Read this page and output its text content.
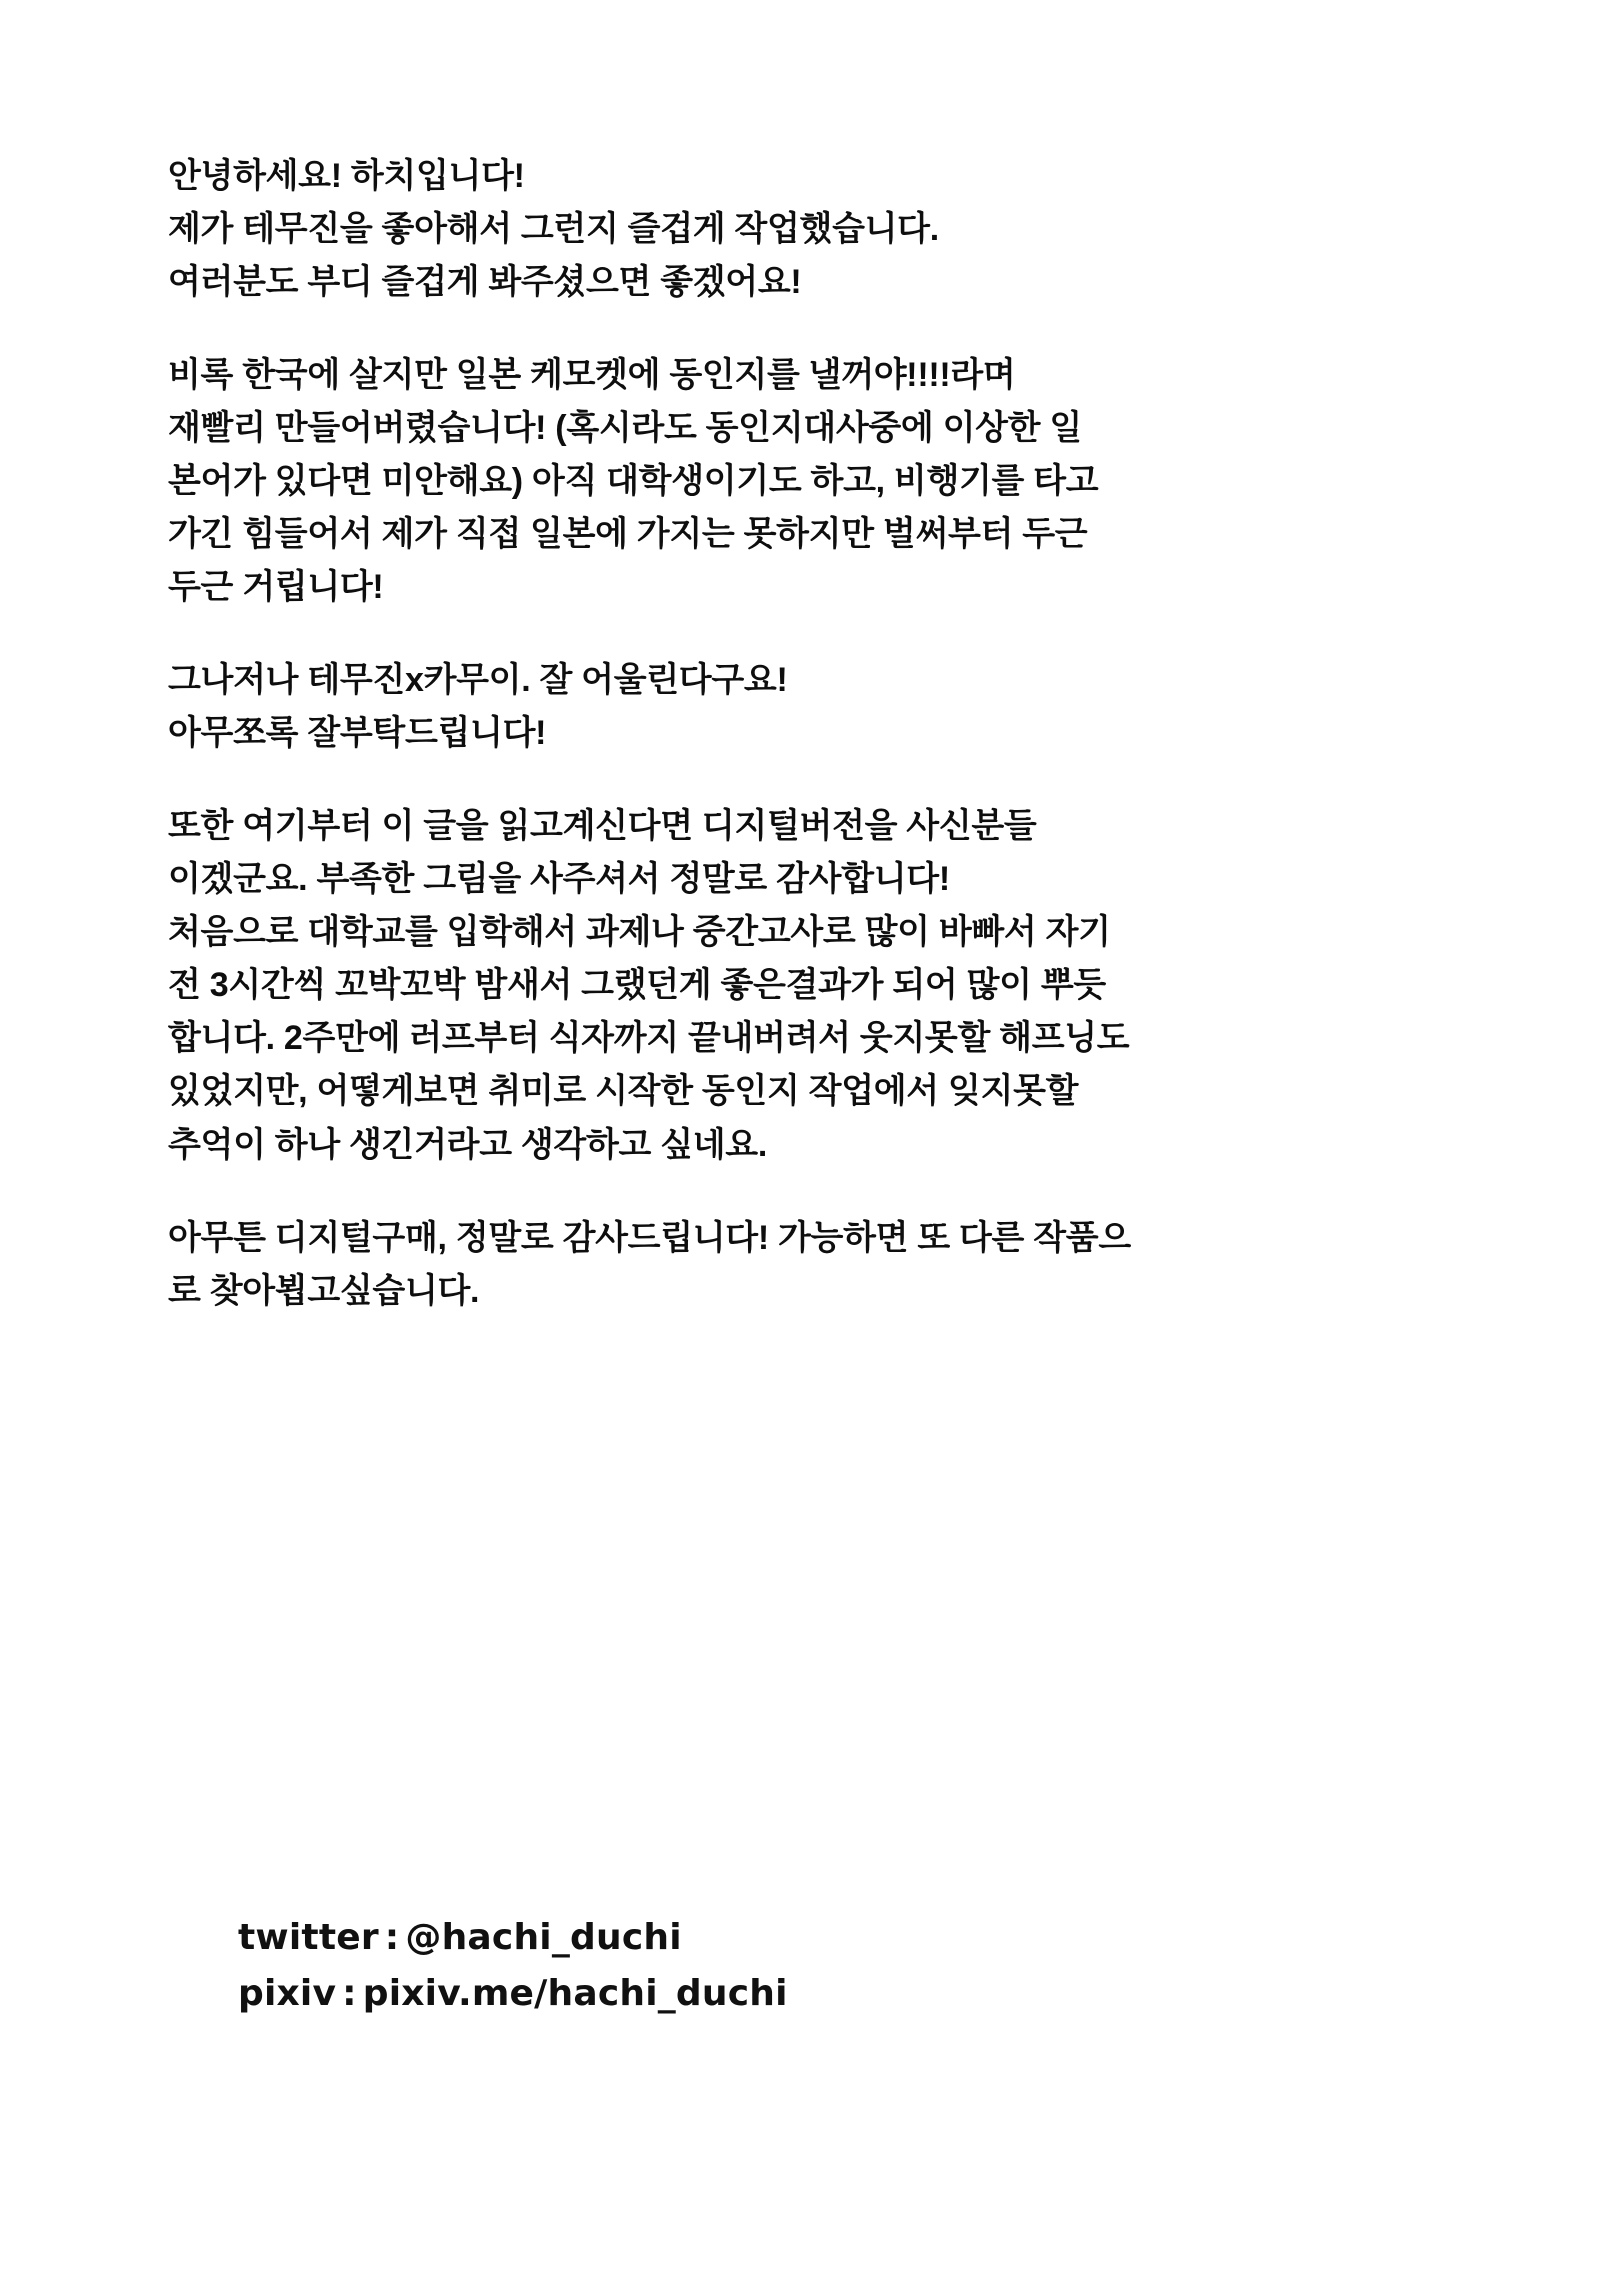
안녕하세요! 하치입니다!
제가 테무진을 좋아해서 그런지 즐겁게 작업했습니다.
여러분도 부디 즐겁게 봐주셨으면 좋겠어요!

비록 한국에 살지만 일본 케모켓에 동인지를 낼꺼야!!!!라며
재빨리 만들어버렸습니다! (혹시라도 동인지대사중에 이상한 일
본어가 있다면 미안해요) 아직 대학생이기도 하고, 비행기를 타고
가긴 힘들어서 제가 직접 일본에 가지는 못하지만 벌써부터 두근
두근 거립니다!

그나저나 테무진x카무이. 잘 어울린다구요!
아무쪼록 잘부탁드립니다!

또한 여기부터 이 글을 읽고계신다면 디지털버전을 사신분들
이겠군요. 부족한 그림을 사주셔서 정말로 감사합니다!
처음으로 대학교를 입학해서 과제나 중간고사로 많이 바빠서 자기
전 3시간씩 꼬박꼬박 밤새서 그랬던게 좋은결과가 되어 많이 뿌듯
합니다. 2주만에 러프부터 식자까지 끝내버려서 웃지못할 해프닝도
있었지만, 어떻게보면 취미로 시작한 동인지 작업에서 잊지못할
추억이 하나 생긴거라고 생각하고 싶네요.

아무튼 디지털구매, 정말로 감사드립니다! 가능하면 또 다른 작품으
로 찾아뵙고싶습니다.

twitter : @hachi_duchi
pixiv : pixiv.me/hachi_duchi
